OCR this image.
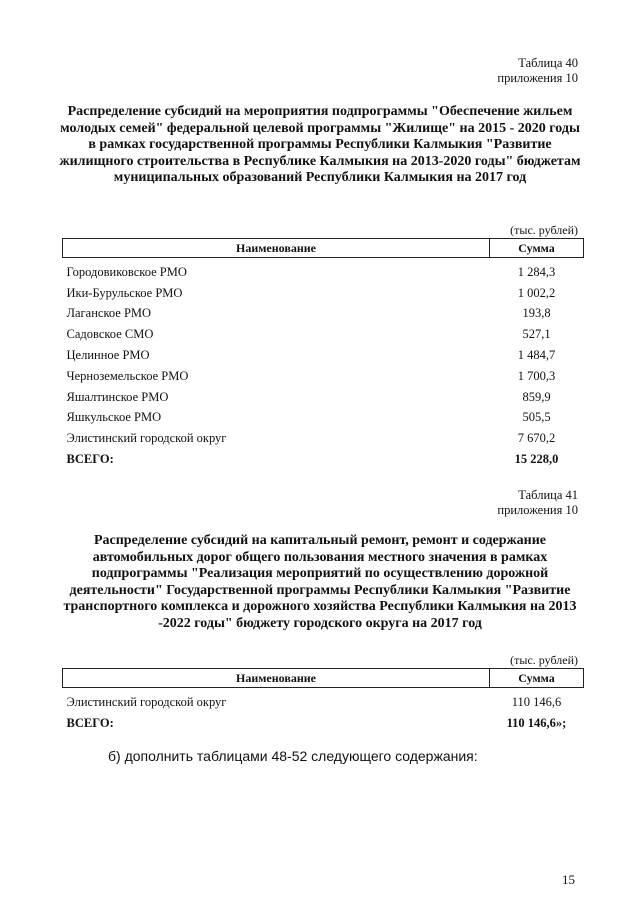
Таблица 40
приложения 10
Распределение субсидий на мероприятия подпрограммы "Обеспечение жильем молодых семей" федеральной целевой программы "Жилище" на 2015 - 2020 годы в рамках государственной программы Республики Калмыкия "Развитие жилищного строительства в Республике Калмыкия на 2013-2020 годы" бюджетам муниципальных образований Республики Калмыкия на 2017 год
(тыс. рублей)
Наименование	Сумма

Городовиковское РМО	1 284,3
Ики-Бурульское РМО	1 002,2
Лаганское РМО	193,8
Садовское СМО	527,1
Целинное РМО	1 484,7
Черноземельское РМО	1 700,3
Яшалтинское РМО	859,9
Яшкульское РМО	505,5
Элистинский городской округ	7 670,2
ВСЕГО:	15 228,0
Таблица 41
приложения 10
Распределение субсидий на капитальный ремонт, ремонт и содержание автомобильных дорог общего пользования местного значения в рамках подпрограммы "Реализация мероприятий по осуществлению дорожной деятельности" Государственной программы Республики Калмыкия "Развитие транспортного комплекса и дорожного хозяйства Республики Калмыкия на 2013 -2022 годы" бюджету городского округа на 2017 год
(тыс. рублей)
Наименование	Сумма

Элистинский городской округ	110 146,6
ВСЕГО:	110 146,6»;
б) дополнить таблицами 48-52 следующего содержания:
15
